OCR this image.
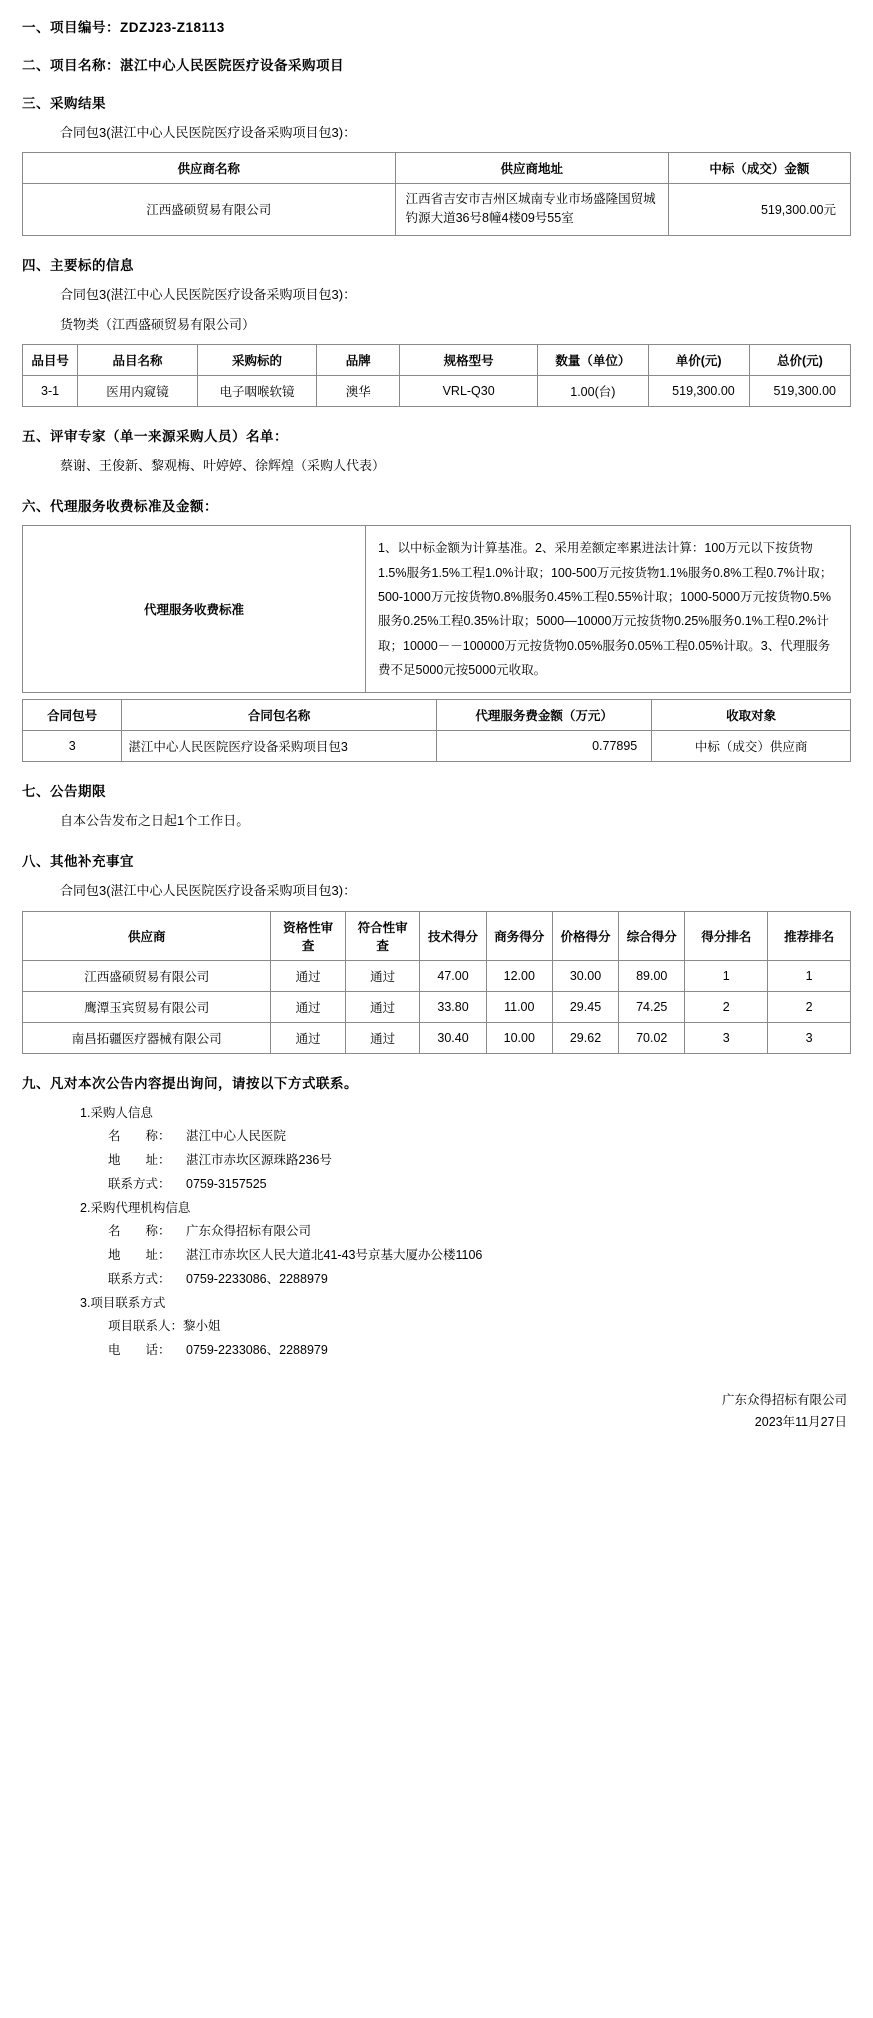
一、项目编号：ZDZJ23-Z18113
二、项目名称：湛江中心人民医院医疗设备采购项目
三、采购结果
合同包3(湛江中心人民医院医疗设备采购项目包3)：
供应商名称	供应商地址	中标（成交）金额
江西盛硕贸易有限公司	江西省吉安市吉州区城南专业市场盛隆国贸城钓源大道36号8幢4楼09号55室	519,300.00元
四、主要标的信息
合同包3(湛江中心人民医院医疗设备采购项目包3)：
货物类（江西盛硕贸易有限公司）
品目号	品目名称	采购标的	品牌	规格型号	数量（单位）	单价(元)	总价(元)
3-1	医用内窥镜	电子咽喉软镜	澳华	VRL-Q30	1.00(台)	519,300.00	519,300.00
五、评审专家（单一来源采购人员）名单：
蔡谢、王俊新、黎观梅、叶婷婷、徐辉煌（采购人代表）
六、代理服务收费标准及金额：
代理服务收费标准	1、以中标金额为计算基准。2、采用差额定率累进法计算：100万元以下按货物1.5%服务1.5%工程1.0%计取；100-500万元按货物1.1%服务0.8%工程0.7%计取；500-1000万元按货物0.8%服务0.45%工程0.55%计取；1000-5000万元按货物0.5%服务0.25%工程0.35%计取；5000—10000万元按货物0.25%服务0.1%工程0.2%计取；10000－－100000万元按货物0.05%服务0.05%工程0.05%计取。3、代理服务费不足5000元按5000元收取。
合同包号	合同包名称	代理服务费金额（万元）	收取对象
3	湛江中心人民医院医疗设备采购项目包3	0.77895	中标（成交）供应商
七、公告期限
自本公告发布之日起1个工作日。
八、其他补充事宜
合同包3(湛江中心人民医院医疗设备采购项目包3)：
供应商	资格性审查	符合性审查	技术得分	商务得分	价格得分	综合得分	得分排名	推荐排名
江西盛硕贸易有限公司	通过	通过	47.00	12.00	30.00	89.00	1	1
鹰潭玉宾贸易有限公司	通过	通过	33.80	11.00	29.45	74.25	2	2
南昌拓疆医疗器械有限公司	通过	通过	30.40	10.00	29.62	70.02	3	3
九、凡对本次公告内容提出询问，请按以下方式联系。
1.采购人信息
名　　称： 湛江中心人民医院
地　　址： 湛江市赤坎区源珠路236号
联系方式： 0759-3157525
2.采购代理机构信息
名　　称： 广东众得招标有限公司
地　　址： 湛江市赤坎区人民大道北41-43号京基大厦办公楼1106
联系方式： 0759-2233086、2288979
3.项目联系方式
项目联系人：黎小姐
电　　话： 0759-2233086、2288979
广东众得招标有限公司
2023年11月27日
